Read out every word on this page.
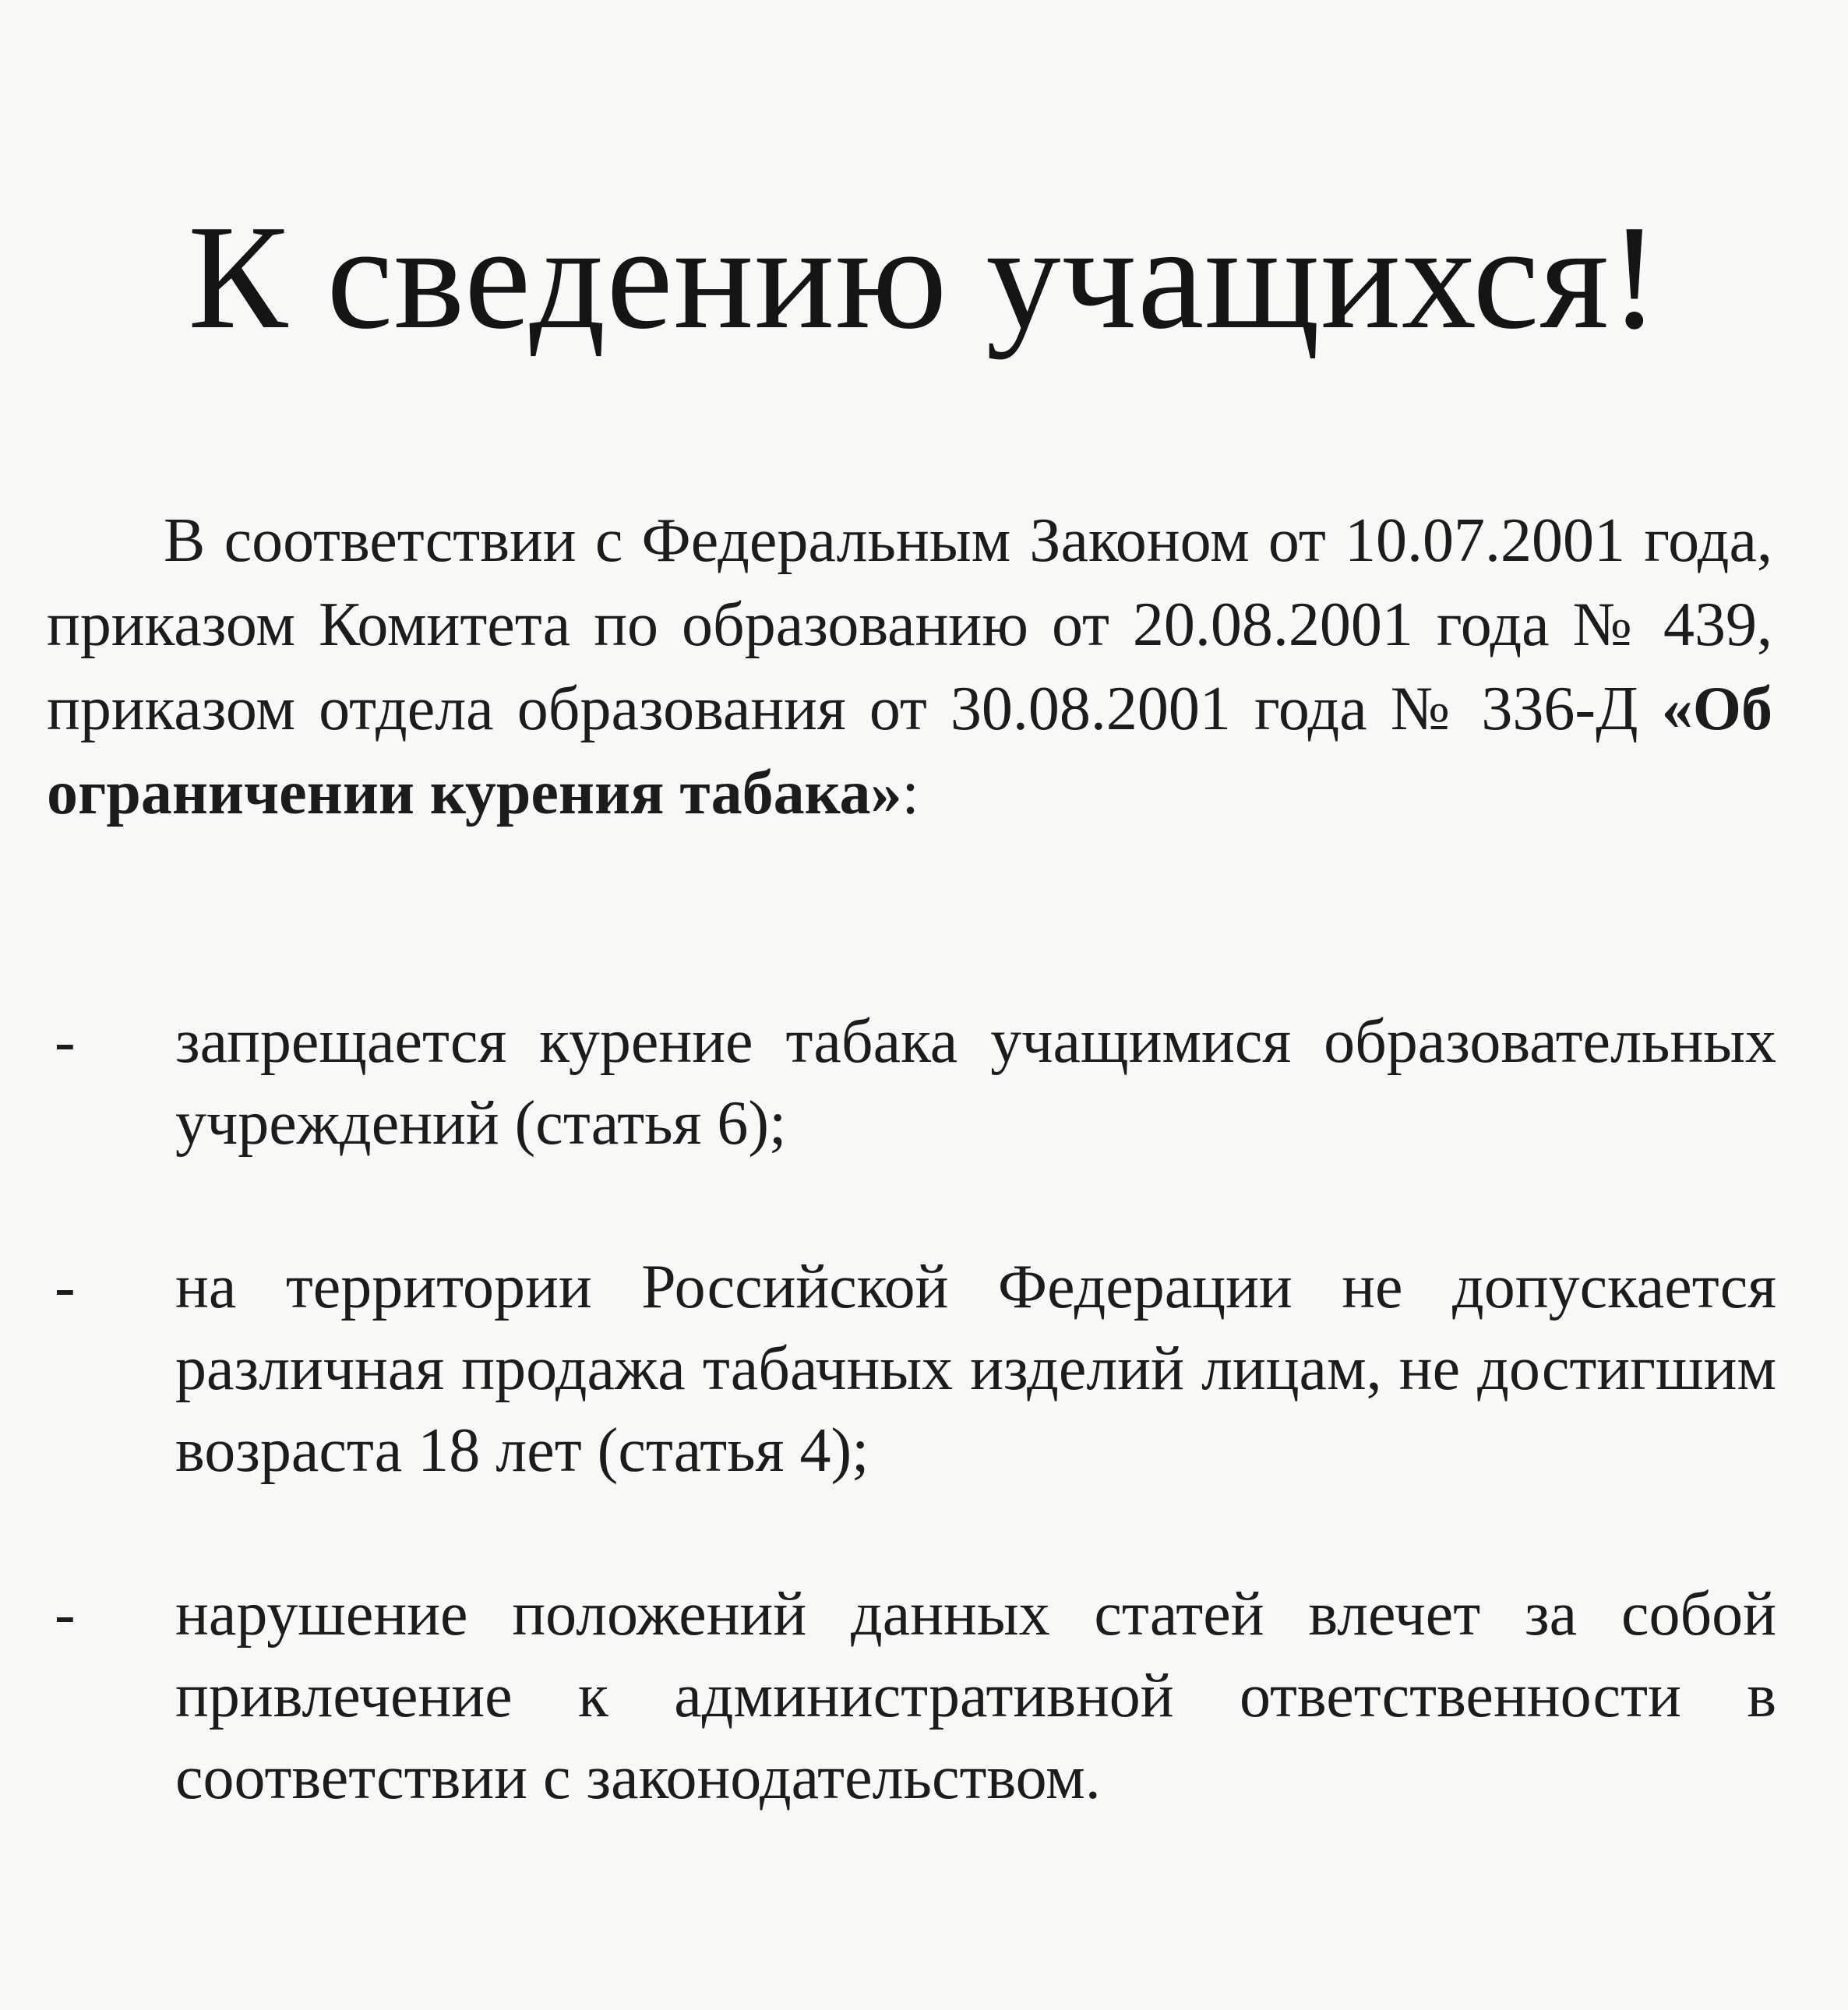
К сведению учащихся!

В соответствии с Федеральным Законом от 10.07.2001 года, приказом Комитета по образованию от 20.08.2001 года № 439, приказом отдела образования от 30.08.2001 года № 336-Д «Об ограничении курения табака»:

- запрещается курение табака учащимися образовательных учреждений (статья 6);
- на территории Российской Федерации не допускается различная продажа табачных изделий лицам, не достигшим возраста 18 лет (статья 4);
- нарушение положений данных статей влечет за собой привлечение к административной ответственности в соответствии с законодательством.
